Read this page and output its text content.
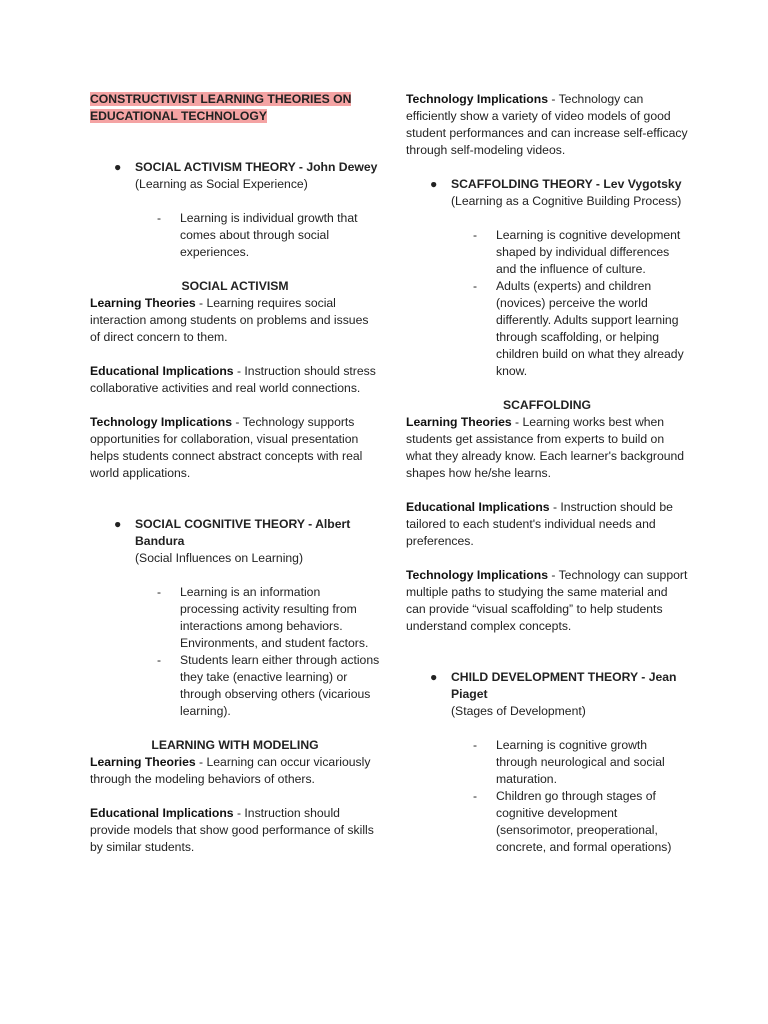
CONSTRUCTIVIST LEARNING THEORIES ON

EDUCATIONAL TECHNOLOGY

● SOCIAL ACTIVISM THEORY - John Dewey

(Learning as Social Experience)

- Learning is individual growth that comes about through social experiences.

SOCIAL ACTIVISM

Learning Theories - Learning requires social interaction among students on problems and issues of direct concern to them.

Educational Implications - Instruction should stress collaborative activities and real world connections.

Technology Implications - Technology supports opportunities for collaboration, visual presentation helps students connect abstract concepts with real world applications.

● SOCIAL COGNITIVE THEORY - Albert Bandura

(Social Influences on Learning)

- Learning is an information processing activity resulting from interactions among behaviors. Environments, and student factors.
- Students learn either through actions they take (enactive learning) or through observing others (vicarious learning).

LEARNING WITH MODELING

Learning Theories - Learning can occur vicariously through the modeling behaviors of others.

Educational Implications - Instruction should provide models that show good performance of skills by similar students.

Technology Implications - Technology can efficiently show a variety of video models of good student performances and can increase self-efficacy through self-modeling videos.

● SCAFFOLDING THEORY - Lev Vygotsky

(Learning as a Cognitive Building Process)

- Learning is cognitive development shaped by individual differences and the influence of culture.
- Adults (experts) and children (novices) perceive the world differently. Adults support learning through scaffolding, or helping children build on what they already know.

SCAFFOLDING

Learning Theories - Learning works best when students get assistance from experts to build on what they already know. Each learner's background shapes how he/she learns.

Educational Implications - Instruction should be tailored to each student's individual needs and preferences.

Technology Implications - Technology can support multiple paths to studying the same material and can provide “visual scaffolding” to help students understand complex concepts.

● CHILD DEVELOPMENT THEORY - Jean Piaget

(Stages of Development)

- Learning is cognitive growth through neurological and social maturation.
- Children go through stages of cognitive development (sensorimotor, preoperational, concrete, and formal operations)
